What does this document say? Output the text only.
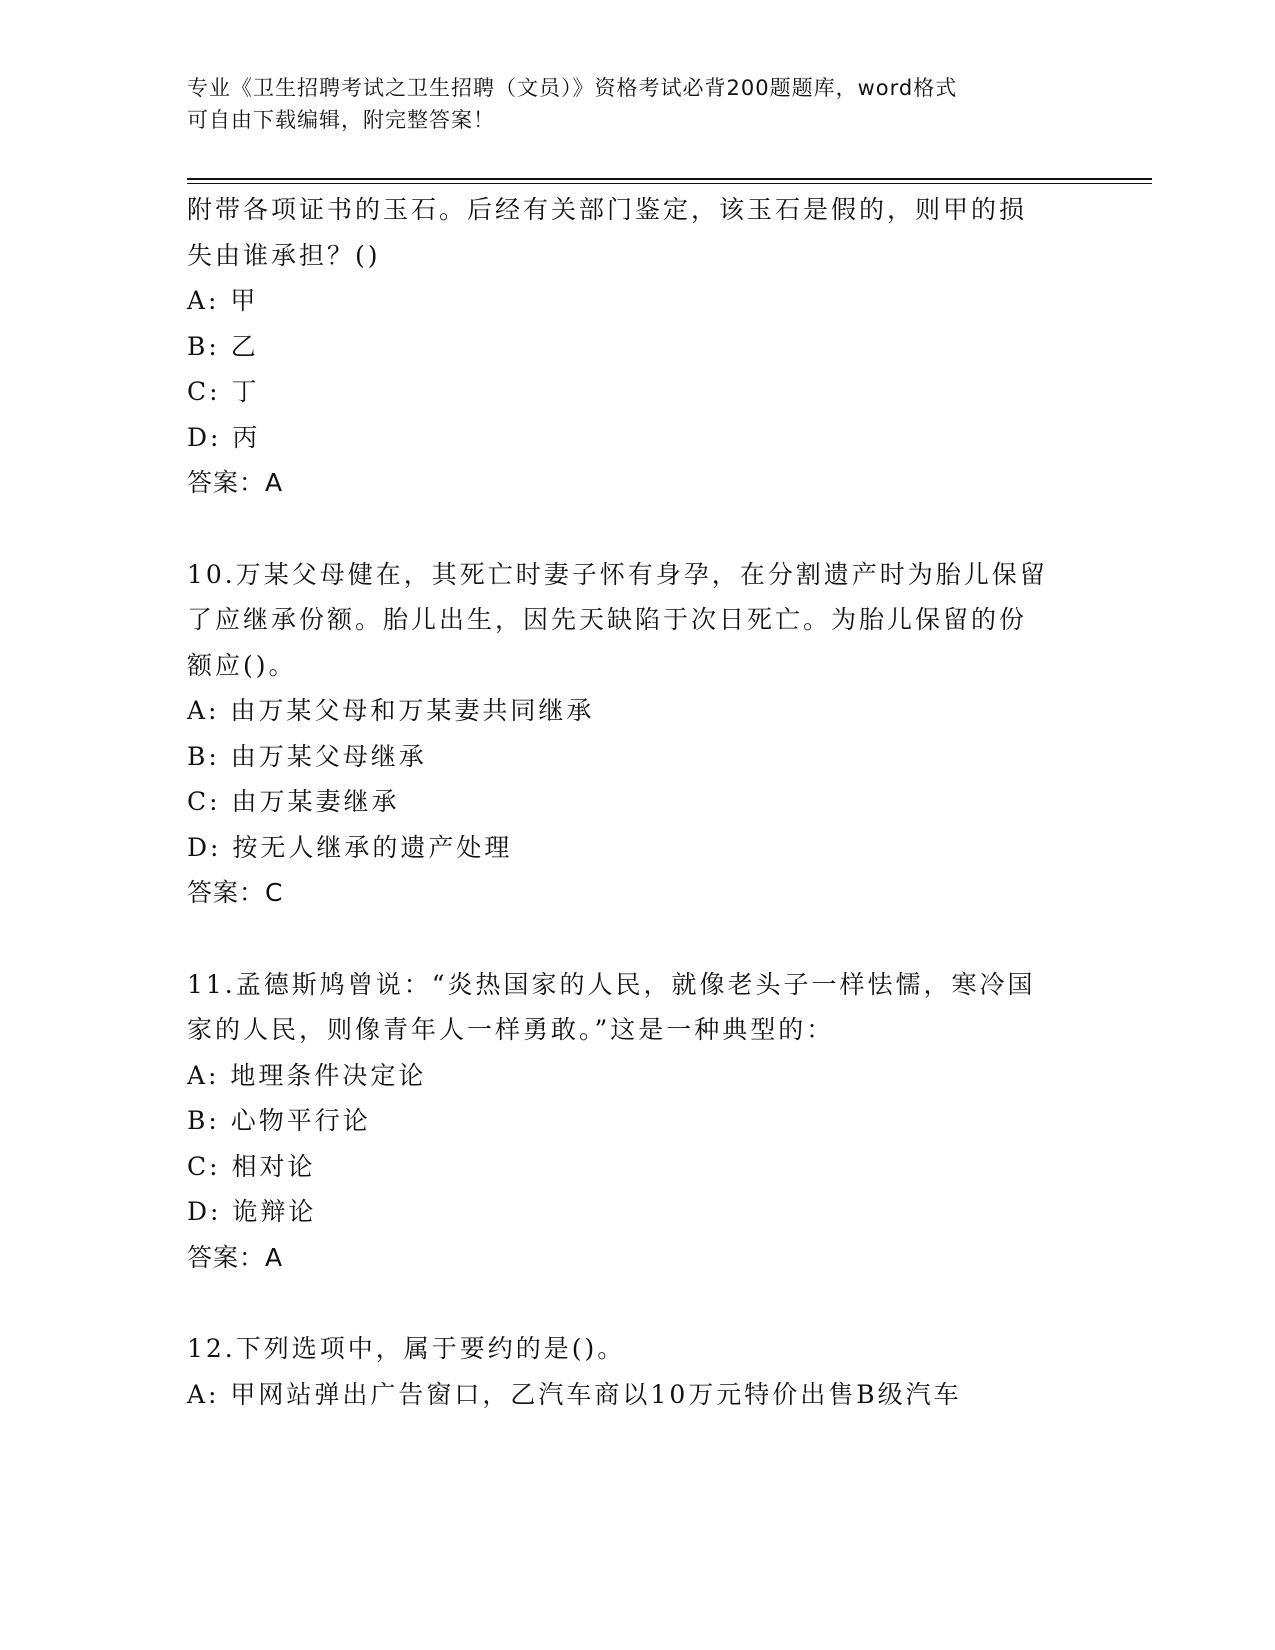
专业《卫生招聘考试之卫生招聘（文员）》资格考试必背200题题库，word格式

可自由下载编辑，附完整答案！

附带各项证书的玉石。后经有关部门鉴定，该玉石是假的，则甲的损
失由谁承担？()
A: 甲
B: 乙
C: 丁
D: 丙
答案：A
10.万某父母健在，其死亡时妻子怀有身孕，在分割遗产时为胎儿保留
了应继承份额。胎儿出生，因先天缺陷于次日死亡。为胎儿保留的份
额应()。
A: 由万某父母和万某妻共同继承
B: 由万某父母继承
C: 由万某妻继承
D: 按无人继承的遗产处理
答案：C
11.孟德斯鸠曾说：“炎热国家的人民，就像老头子一样怯懦，寒冷国
家的人民，则像青年人一样勇敢。”这是一种典型的：
A: 地理条件决定论
B: 心物平行论
C: 相对论
D: 诡辩论
答案：A
12.下列选项中，属于要约的是()。
A: 甲网站弹出广告窗口，乙汽车商以10万元特价出售B级汽车
